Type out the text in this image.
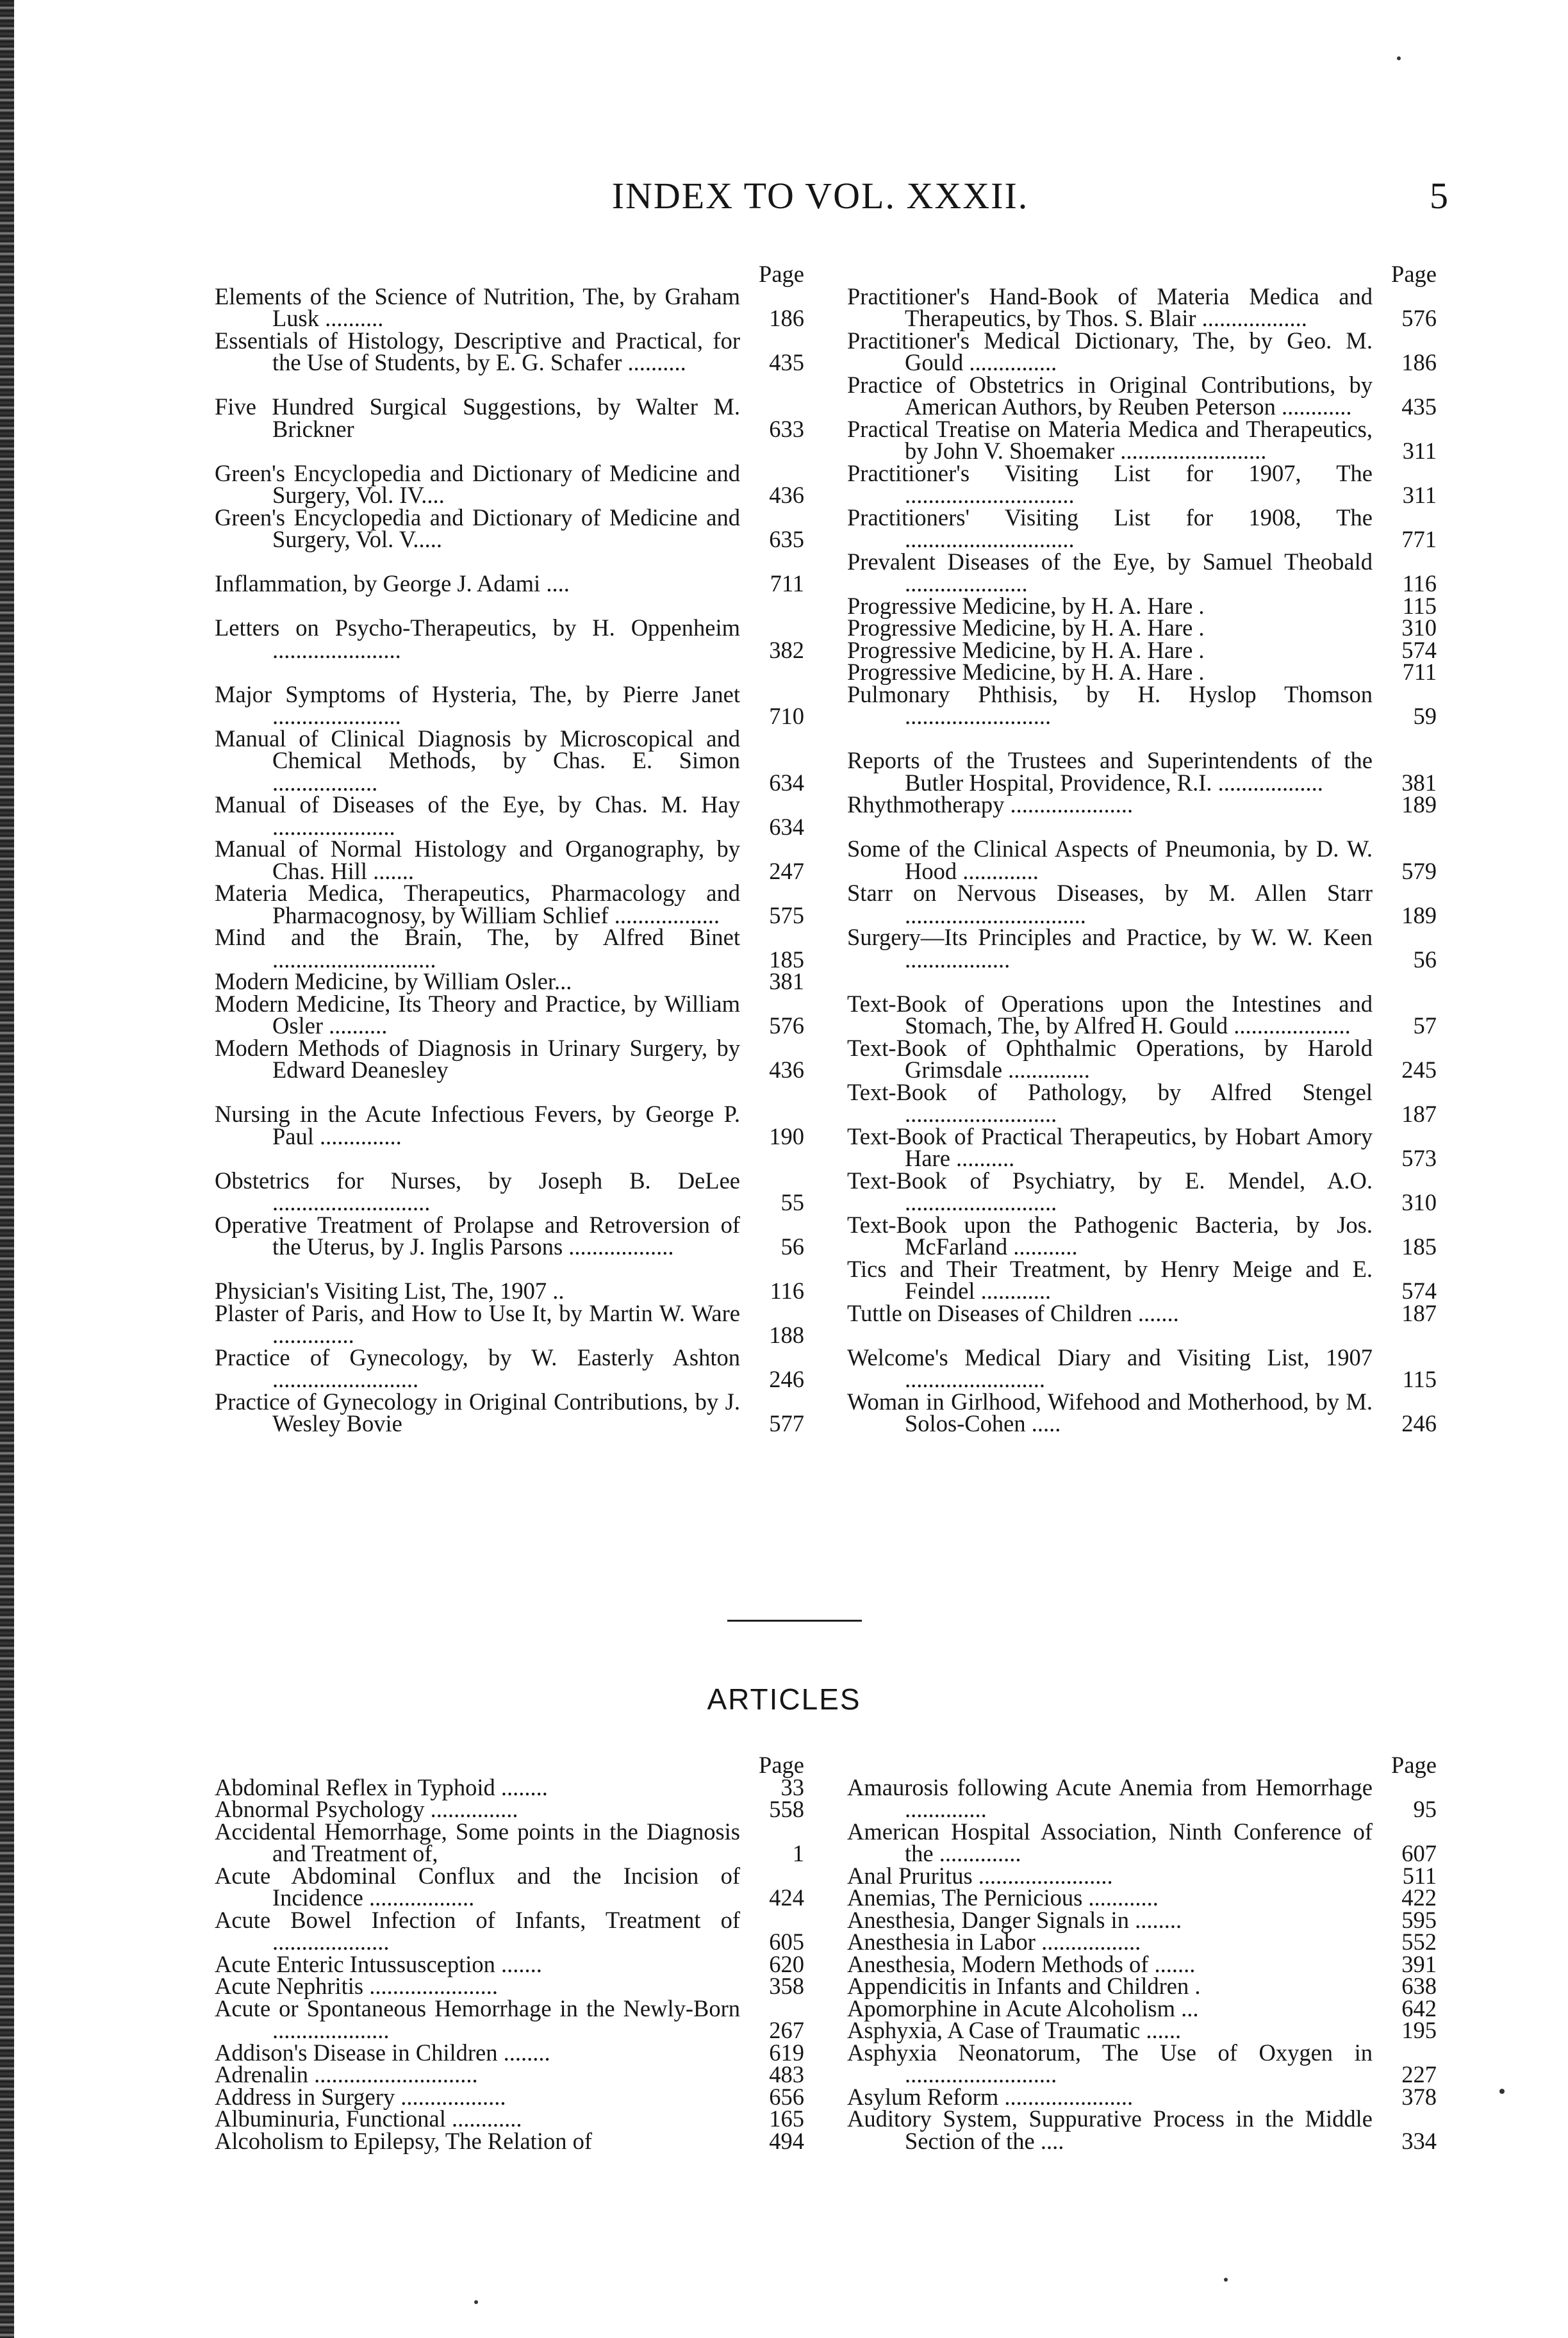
INDEX TO VOL. XXXII.	5
Page
Elements of the Science of Nutrition, The, by Graham Lusk ..........	186
Essentials of Histology, Descriptive and Practical, for the Use of Students, by E. G. Schafer ..........	435
Five Hundred Surgical Suggestions, by Walter M. Brickner	633
Green's Encyclopedia and Dictionary of Medicine and Surgery, Vol. IV....	436
Green's Encyclopedia and Dictionary of Medicine and Surgery, Vol. V.....	635
Inflammation, by George J. Adami ....	711
Letters on Psycho-Therapeutics, by H. Oppenheim ......................	382
Major Symptoms of Hysteria, The, by Pierre Janet ......................	710
Manual of Clinical Diagnosis by Microscopical and Chemical Methods, by Chas. E. Simon ..................	634
Manual of Diseases of the Eye, by Chas. M. Hay .....................	634
Manual of Normal Histology and Organography, by Chas. Hill .......	247
Materia Medica, Therapeutics, Pharmacology and Pharmacognosy, by William Schlief ..................	575
Mind and the Brain, The, by Alfred Binet ............................	185
Modern Medicine, by William Osler...	381
Modern Medicine, Its Theory and Practice, by William Osler ..........	576
Modern Methods of Diagnosis in Urinary Surgery, by Edward Deanesley	436
Nursing in the Acute Infectious Fevers, by George P. Paul ..............	190
Obstetrics for Nurses, by Joseph B. DeLee ...........................	55
Operative Treatment of Prolapse and Retroversion of the Uterus, by J. Inglis Parsons ..................	56
Physician's Visiting List, The, 1907 ..	116
Plaster of Paris, and How to Use It, by Martin W. Ware ..............	188
Practice of Gynecology, by W. Easterly Ashton .........................	246
Practice of Gynecology in Original Contributions, by J. Wesley Bovie	577
Page
Practitioner's Hand-Book of Materia Medica and Therapeutics, by Thos. S. Blair ..................	576
Practitioner's Medical Dictionary, The, by Geo. M. Gould ...............	186
Practice of Obstetrics in Original Contributions, by American Authors, by Reuben Peterson ............	435
Practical Treatise on Materia Medica and Therapeutics, by John V. Shoemaker .........................	311
Practitioner's Visiting List for 1907, The .............................	311
Practitioners' Visiting List for 1908, The .............................	771
Prevalent Diseases of the Eye, by Samuel Theobald .....................	116
Progressive Medicine, by H. A. Hare .	115
Progressive Medicine, by H. A. Hare .	310
Progressive Medicine, by H. A. Hare .	574
Progressive Medicine, by H. A. Hare .	711
Pulmonary Phthisis, by H. Hyslop Thomson .........................	59
Reports of the Trustees and Superintendents of the Butler Hospital, Providence, R.I. ..................	381
Rhythmotherapy .....................	189
Some of the Clinical Aspects of Pneumonia, by D. W. Hood .............	579
Starr on Nervous Diseases, by M. Allen Starr ...............................	189
Surgery—Its Principles and Practice, by W. W. Keen ..................	56
Text-Book of Operations upon the Intestines and Stomach, The, by Alfred H. Gould ....................	57
Text-Book of Ophthalmic Operations, by Harold Grimsdale ..............	245
Text-Book of Pathology, by Alfred Stengel ..........................	187
Text-Book of Practical Therapeutics, by Hobart Amory Hare ..........	573
Text-Book of Psychiatry, by E. Mendel, A.O. ..........................	310
Text-Book upon the Pathogenic Bacteria, by Jos. McFarland ...........	185
Tics and Their Treatment, by Henry Meige and E. Feindel ............	574
Tuttle on Diseases of Children .......	187
Welcome's Medical Diary and Visiting List, 1907 ........................	115
Woman in Girlhood, Wifehood and Motherhood, by M. Solos-Cohen .....	246
ARTICLES
Page
Abdominal Reflex in Typhoid ........	33
Abnormal Psychology ...............	558
Accidental Hemorrhage, Some points in the Diagnosis and Treatment of,	1
Acute Abdominal Conflux and the Incision of Incidence ..................	424
Acute Bowel Infection of Infants, Treatment of ....................	605
Acute Enteric Intussusception .......	620
Acute Nephritis ......................	358
Acute or Spontaneous Hemorrhage in the Newly-Born ....................	267
Addison's Disease in Children ........	619
Adrenalin ............................	483
Address in Surgery ..................	656
Albuminuria, Functional ............	165
Alcoholism to Epilepsy, The Relation of	494
Page
Amaurosis following Acute Anemia from Hemorrhage ..............	95
American Hospital Association, Ninth Conference of the ..............	607
Anal Pruritus .......................	511
Anemias, The Pernicious ............	422
Anesthesia, Danger Signals in ........	595
Anesthesia in Labor .................	552
Anesthesia, Modern Methods of .......	391
Appendicitis in Infants and Children .	638
Apomorphine in Acute Alcoholism ...	642
Asphyxia, A Case of Traumatic ......	195
Asphyxia Neonatorum, The Use of Oxygen in ..........................	227
Asylum Reform ......................	378
Auditory System, Suppurative Process in the Middle Section of the ....	334
